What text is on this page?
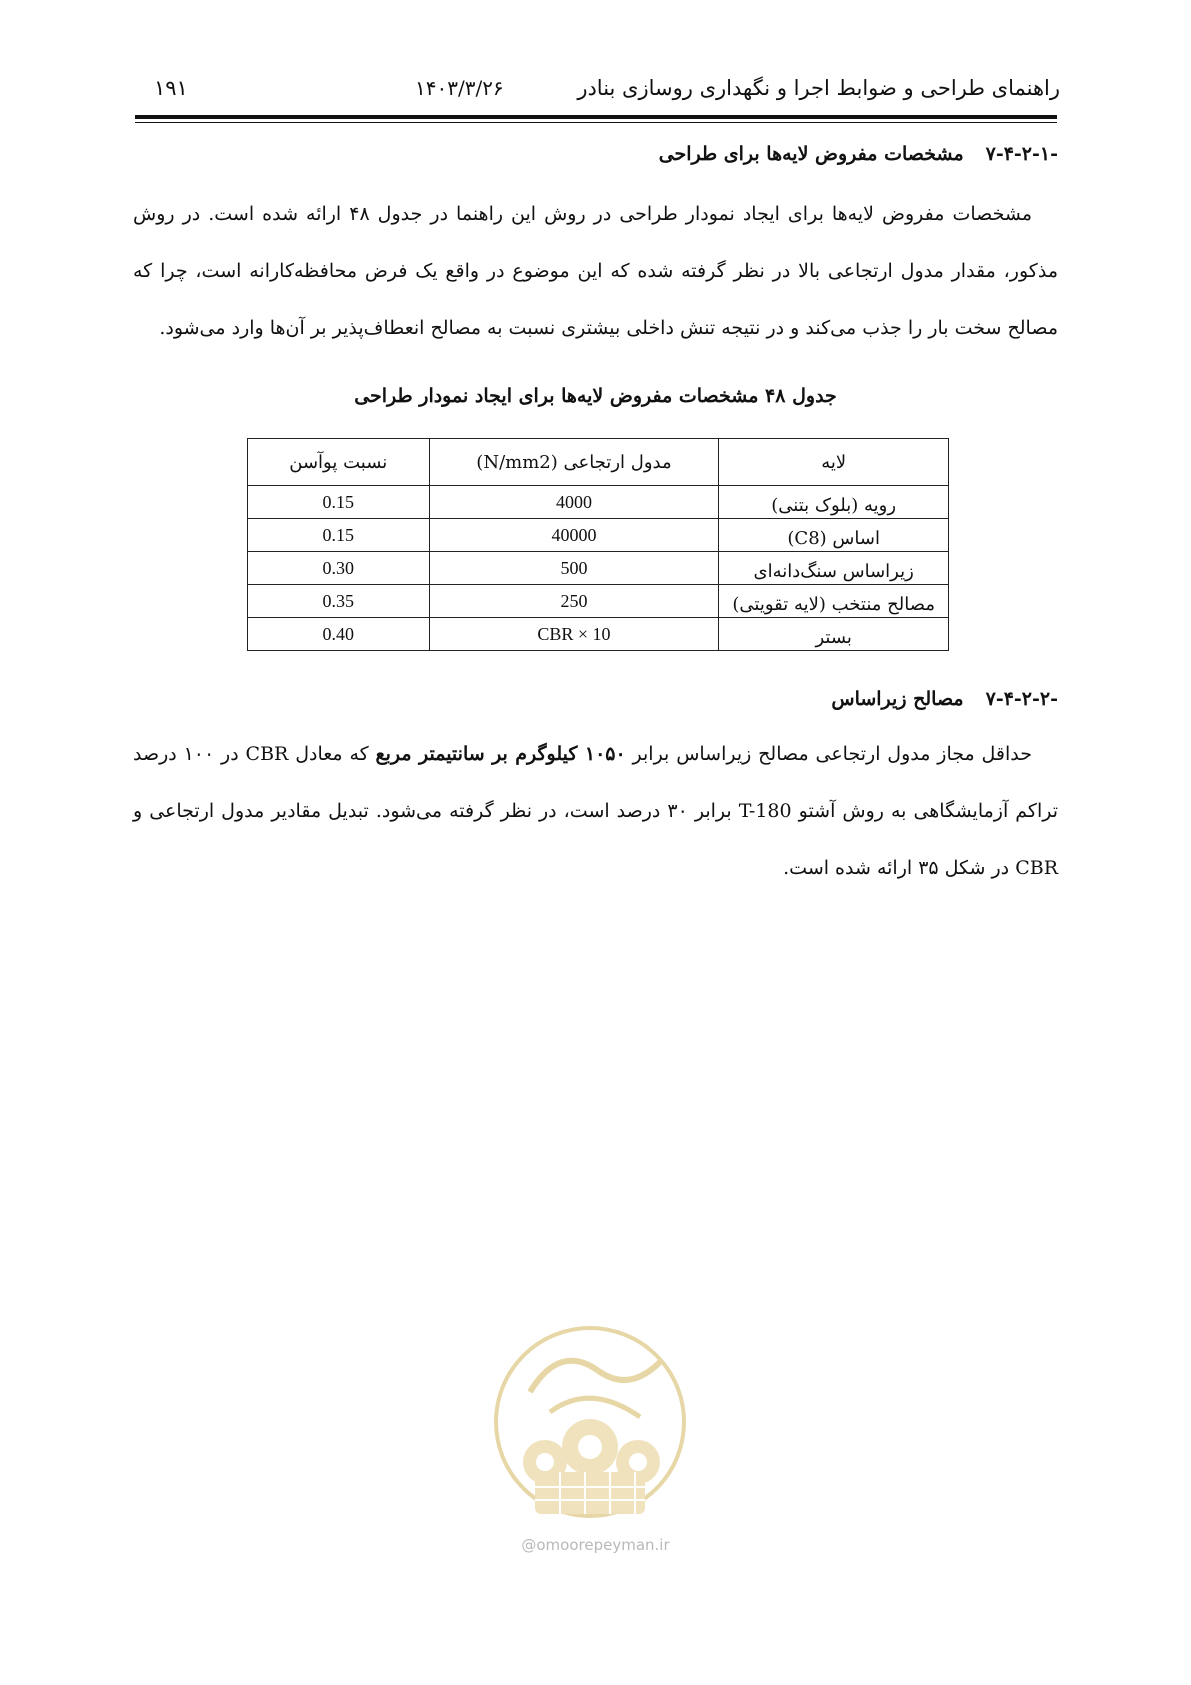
راهنمای طراحی و ضوابط اجرا و نگهداری روسازی بنادر
۱۴۰۳/۳/۲۶
۱۹۱
-۷-۴-۲-۱مشخصات مفروض لایه‌ها برای طراحی
مشخصات مفروض لایه‌ها برای ایجاد نمودار طراحی در روش این راهنما در جدول ۴۸ ارائه شده است. در روش مذکور، مقدار مدول ارتجاعی بالا در نظر گرفته شده که این موضوع در واقع یک فرض محافظه‌کارانه است، چرا که مصالح سخت بار را جذب می‌کند و در نتیجه تنش داخلی بیشتری نسبت به مصالح انعطاف‌پذیر بر آن‌ها وارد می‌شود.
جدول ۴۸ مشخصات مفروض لایه‌ها برای ایجاد نمودار طراحی
لایه	مدول ارتجاعی (N/mm2)	نسبت پوآسن
رویه (بلوک بتنی)	4000	0.15
اساس (C8)	40000	0.15
زیراساس سنگ‌دانه‌ای	500	0.30
مصالح منتخب (لایه تقویتی)	250	0.35
بستر	10 × CBR	0.40
-۷-۴-۲-۲مصالح زیراساس
حداقل مجاز مدول ارتجاعی مصالح زیراساس برابر ۱۰۵۰ کیلوگرم بر سانتیمتر مربع که معادل CBR در ۱۰۰ درصد تراکم آزمایشگاهی به روش آشتو T-180 برابر ۳۰ درصد است، در نظر گرفته می‌شود. تبدیل مقادیر مدول ارتجاعی و CBR در شکل ۳۵ ارائه شده است.
@omoorepeyman.ir
